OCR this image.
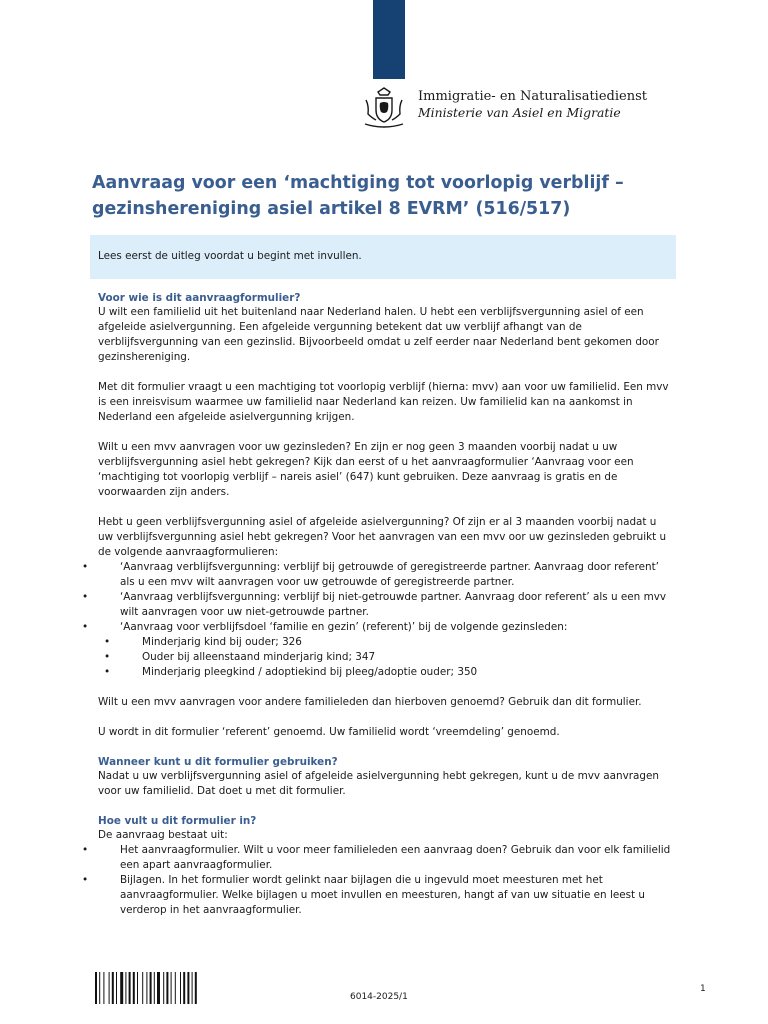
Immigratie- en Naturalisatiedienst
Ministerie van Asiel en Migratie
Aanvraag voor een ‘machtiging tot voorlopig verblijf – gezinshereniging asiel artikel 8 EVRM’ (516/517)
Lees eerst de uitleg voordat u begint met invullen.
Voor wie is dit aanvraagformulier?

U wilt een familielid uit het buitenland naar Nederland halen. U hebt een verblijfsvergunning asiel of een afgeleide asielvergunning. Een afgeleide vergunning betekent dat uw verblijf afhangt van de verblijfsvergunning van een gezinslid. Bijvoorbeeld omdat u zelf eerder naar Nederland bent gekomen door gezinshereniging.

Met dit formulier vraagt u een machtiging tot voorlopig verblijf (hierna: mvv) aan voor uw familielid. Een mvv is een inreisvisum waarmee uw familielid naar Nederland kan reizen. Uw familielid kan na aankomst in Nederland een afgeleide asielvergunning krijgen.

Wilt u een mvv aanvragen voor uw gezinsleden? En zijn er nog geen 3 maanden voorbij nadat u uw verblijfsvergunning asiel hebt gekregen? Kijk dan eerst of u het aanvraagformulier ‘Aanvraag voor een ‘machtiging tot voorlopig verblijf – nareis asiel’ (647) kunt gebruiken. Deze aanvraag is gratis en de voorwaarden zijn anders.

Hebt u geen verblijfsvergunning asiel of afgeleide asielvergunning? Of zijn er al 3 maanden voorbij nadat u uw verblijfsvergunning asiel hebt gekregen? Voor het aanvragen van een mvv oor uw gezinsleden gebruikt u de volgende aanvraagformulieren:

• ‘Aanvraag verblijfsvergunning: verblijf bij getrouwde of geregistreerde partner. Aanvraag door referent’ als u een mvv wilt aanvragen voor uw getrouwde of geregistreerde partner.
• ‘Aanvraag verblijfsvergunning: verblijf bij niet-getrouwde partner. Aanvraag door referent’ als u een mvv wilt aanvragen voor uw niet-getrouwde partner.
• ‘Aanvraag voor verblijfsdoel ‘familie en gezin’ (referent)’ bij de volgende gezinsleden:
• Minderjarig kind bij ouder; 326
• Ouder bij alleenstaand minderjarig kind; 347
• Minderjarig pleegkind / adoptiekind bij pleeg/adoptie ouder; 350

Wilt u een mvv aanvragen voor andere familieleden dan hierboven genoemd? Gebruik dan dit formulier.

U wordt in dit formulier ‘referent’ genoemd. Uw familielid wordt ‘vreemdeling’ genoemd.

Wanneer kunt u dit formulier gebruiken?

Nadat u uw verblijfsvergunning asiel of afgeleide asielvergunning hebt gekregen, kunt u de mvv aanvragen voor uw familielid. Dat doet u met dit formulier.

Hoe vult u dit formulier in?

De aanvraag bestaat uit:

• Het aanvraagformulier. Wilt u voor meer familieleden een aanvraag doen? Gebruik dan voor elk familielid een apart aanvraagformulier.
• Bijlagen. In het formulier wordt gelinkt naar bijlagen die u ingevuld moet meesturen met het aanvraagformulier. Welke bijlagen u moet invullen en meesturen, hangt af van uw situatie en leest u verderop in het aanvraagformulier.
6014-2025/1
1
